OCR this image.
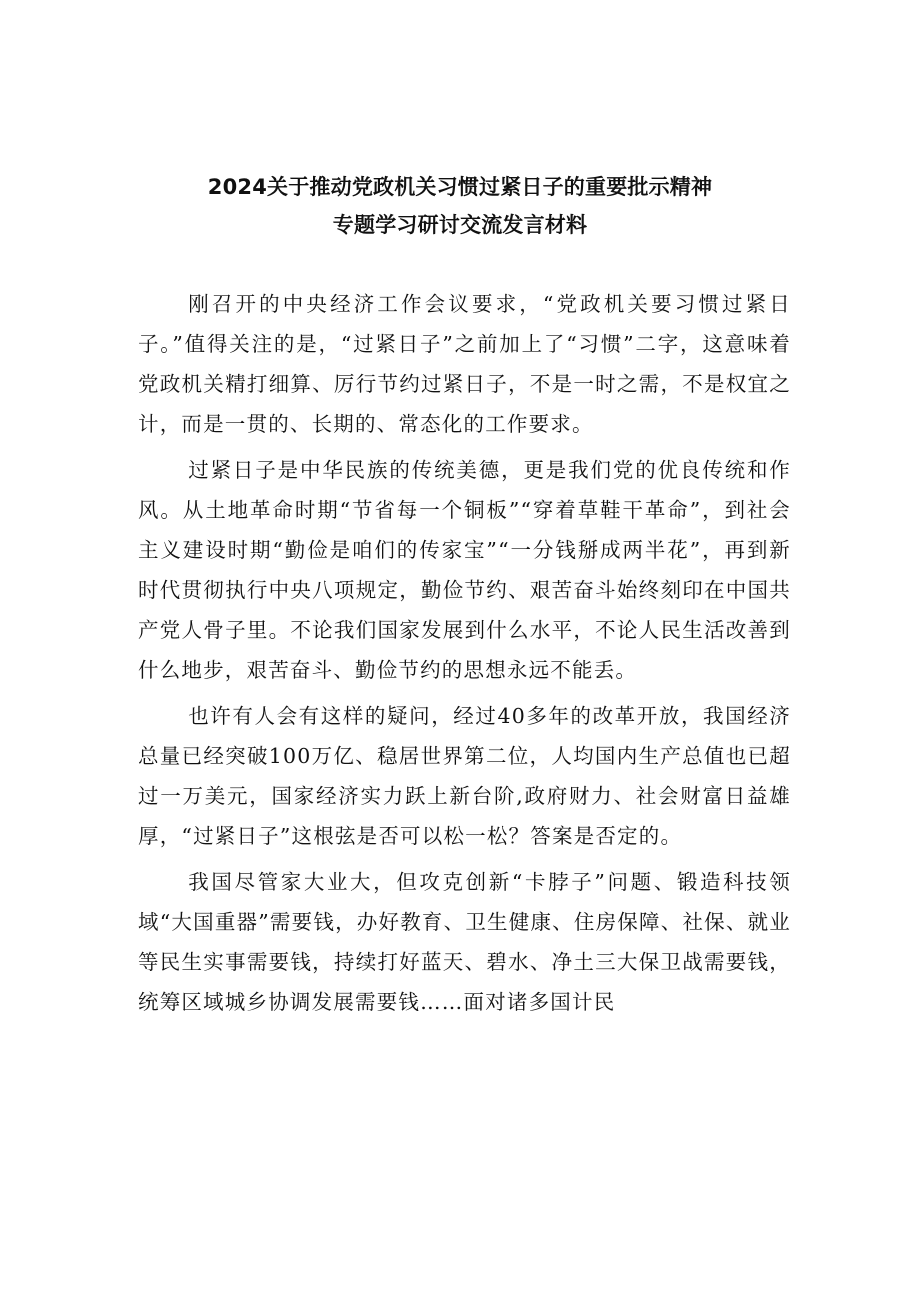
2024关于推动党政机关习惯过紧日子的重要批示精神
专题学习研讨交流发言材料

刚召开的中央经济工作会议要求，“党政机关要习惯过紧日子。”值得关注的是，“过紧日子”之前加上了“习惯”二字，这意味着党政机关精打细算、厉行节约过紧日子，不是一时之需，不是权宜之计，而是一贯的、长期的、常态化的工作要求。

过紧日子是中华民族的传统美德，更是我们党的优良传统和作风。从土地革命时期“节省每一个铜板”“穿着草鞋干革命”，到社会主义建设时期“勤俭是咱们的传家宝”“一分钱掰成两半花”，再到新时代贯彻执行中央八项规定，勤俭节约、艰苦奋斗始终刻印在中国共产党人骨子里。不论我们国家发展到什么水平，不论人民生活改善到什么地步，艰苦奋斗、勤俭节约的思想永远不能丢。

也许有人会有这样的疑问，经过40多年的改革开放，我国经济总量已经突破100万亿、稳居世界第二位，人均国内生产总值也已超过一万美元，国家经济实力跃上新台阶,政府财力、社会财富日益雄厚，“过紧日子”这根弦是否可以松一松？答案是否定的。

我国尽管家大业大，但攻克创新“卡脖子”问题、锻造科技领域“大国重器”需要钱，办好教育、卫生健康、住房保障、社保、就业等民生实事需要钱，持续打好蓝天、碧水、净土三大保卫战需要钱，统筹区域城乡协调发展需要钱……面对诸多国计民
